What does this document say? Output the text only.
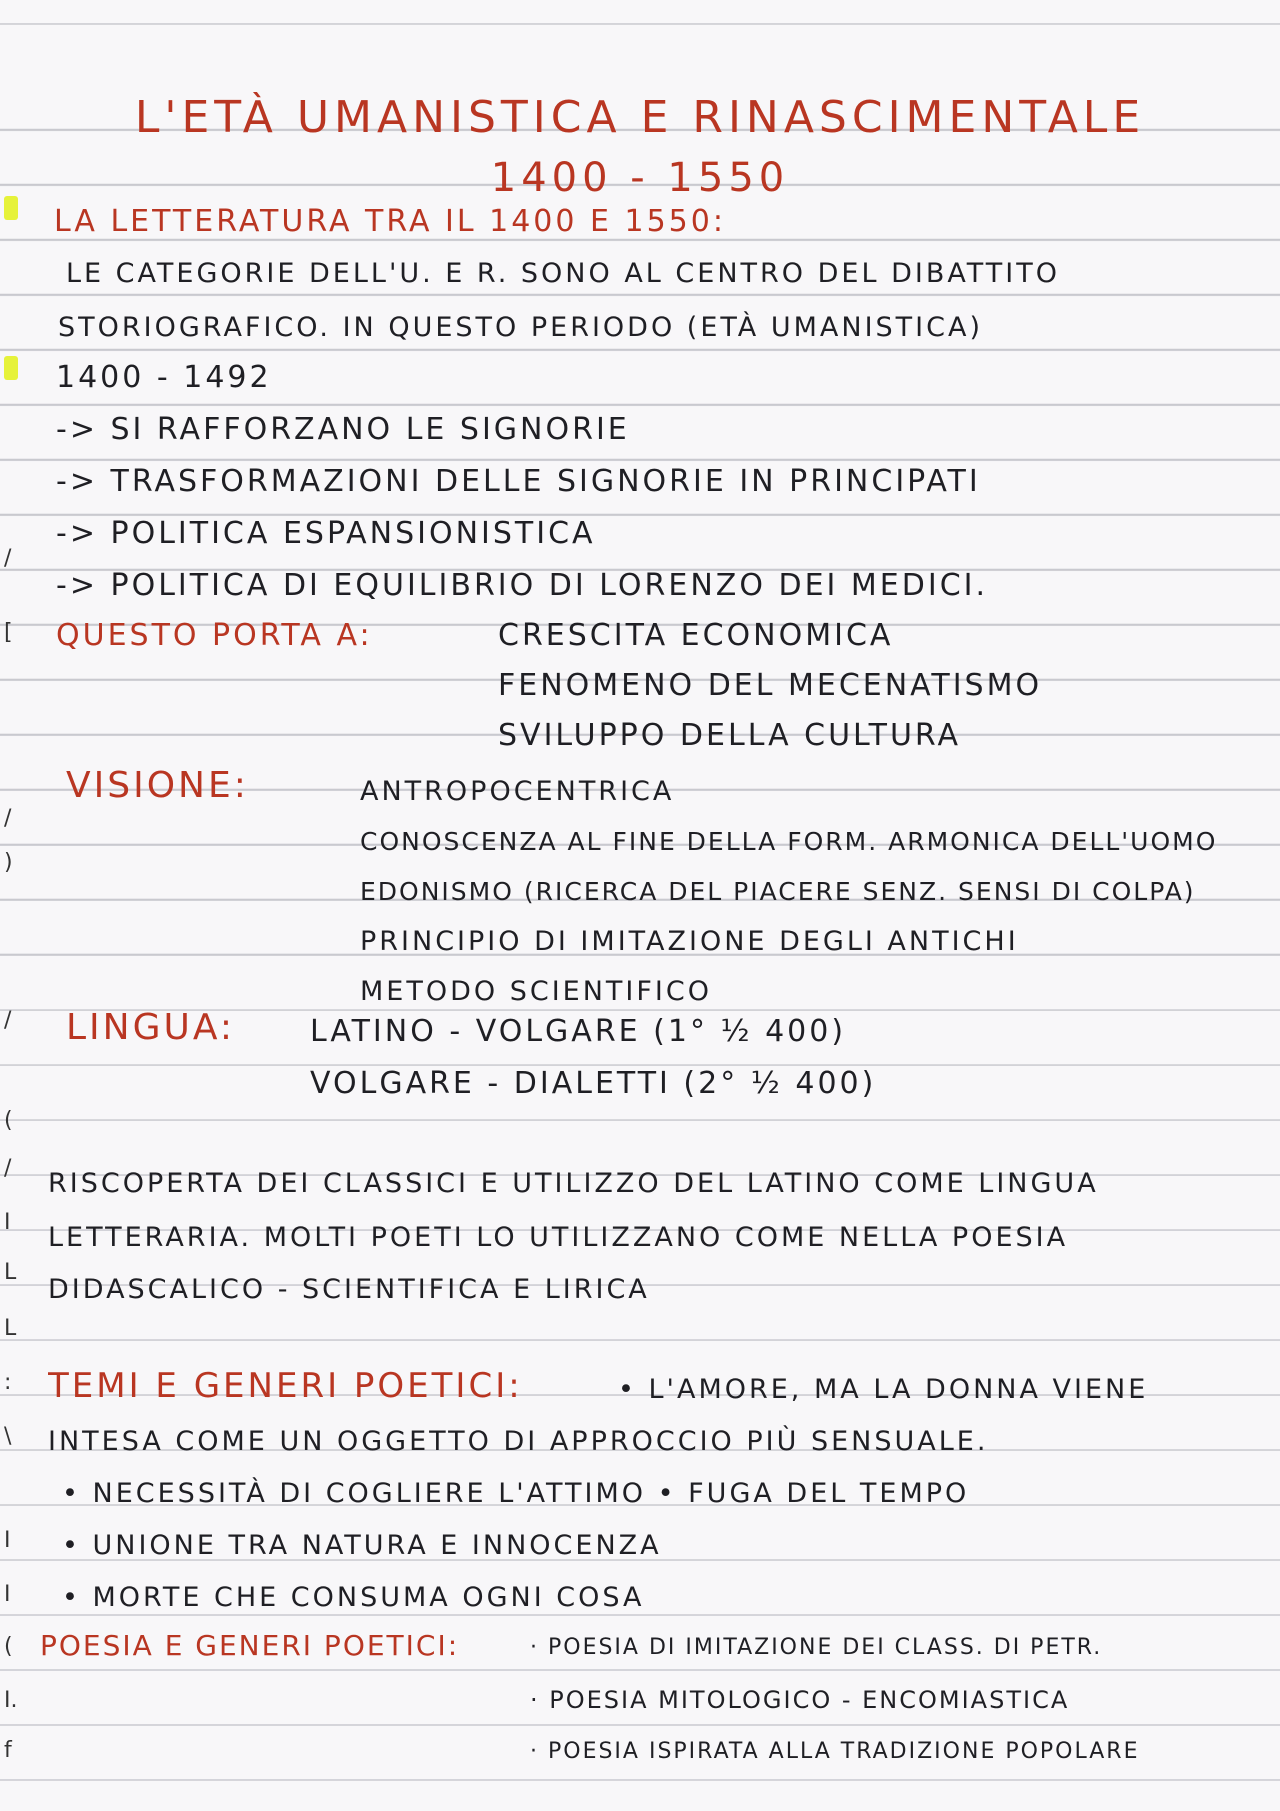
/
[
/
)
/
(
/
I
L
L
:
\
I
I
(
I.
f
L'ETÀ UMANISTICA E RINASCIMENTALE
1400 - 1550
LA LETTERATURA TRA IL 1400 E 1550:
LE CATEGORIE DELL'U. E R. SONO AL CENTRO DEL DIBATTITO
STORIOGRAFICO. IN QUESTO PERIODO (ETÀ UMANISTICA)
1400 - 1492
-> SI RAFFORZANO LE SIGNORIE
-> TRASFORMAZIONI DELLE SIGNORIE IN PRINCIPATI
-> POLITICA ESPANSIONISTICA
-> POLITICA DI EQUILIBRIO DI LORENZO DEI MEDICI.
QUESTO PORTA A:	CRESCITA ECONOMICA
FENOMENO DEL MECENATISMO
SVILUPPO DELLA CULTURA
VISIONE:	ANTROPOCENTRICA
CONOSCENZA AL FINE DELLA FORM. ARMONICA DELL'UOMO
EDONISMO (RICERCA DEL PIACERE SENZ. SENSI DI COLPA)
PRINCIPIO DI IMITAZIONE DEGLI ANTICHI
METODO SCIENTIFICO
LINGUA:	LATINO - VOLGARE (1° ½ 400)
VOLGARE - DIALETTI (2° ½ 400)
RISCOPERTA DEI CLASSICI E UTILIZZO DEL LATINO COME LINGUA
LETTERARIA. MOLTI POETI LO UTILIZZANO COME NELLA POESIA
DIDASCALICO - SCIENTIFICA E LIRICA
TEMI E GENERI POETICI:	• L'AMORE, MA LA DONNA VIENE
INTESA COME UN OGGETTO DI APPROCCIO PIÙ SENSUALE.
• NECESSITÀ DI COGLIERE L'ATTIMO • FUGA DEL TEMPO
• UNIONE TRA NATURA E INNOCENZA
• MORTE CHE CONSUMA OGNI COSA
POESIA E GENERI POETICI:	· POESIA DI IMITAZIONE DEI CLASS. DI PETR.
· POESIA MITOLOGICO - ENCOMIASTICA
· POESIA ISPIRATA ALLA TRADIZIONE POPOLARE
